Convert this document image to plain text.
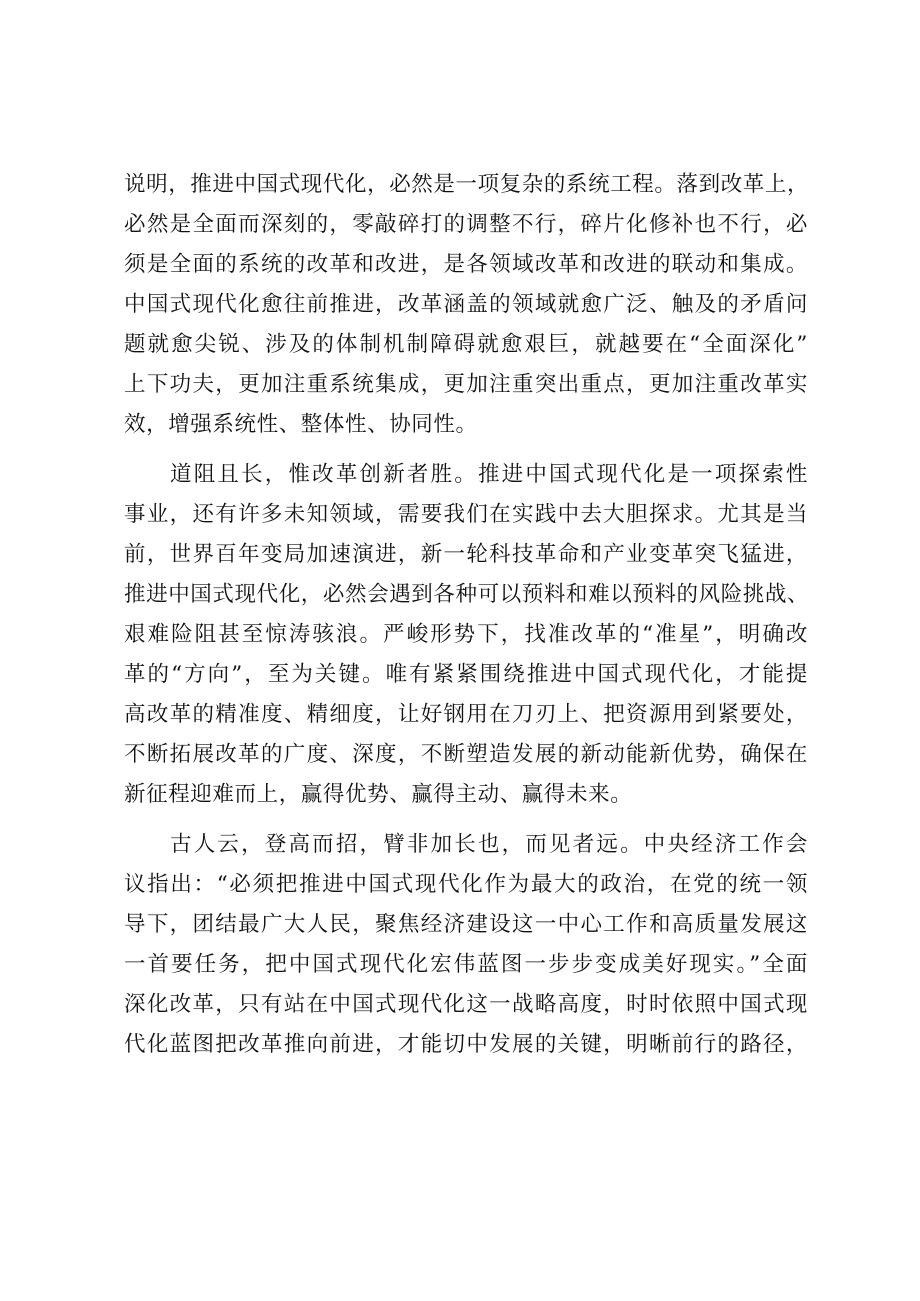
说明，推进中国式现代化，必然是一项复杂的系统工程。落到改革上，
必然是全面而深刻的，零敲碎打的调整不行，碎片化修补也不行，必
须是全面的系统的改革和改进，是各领域改革和改进的联动和集成。
中国式现代化愈往前推进，改革涵盖的领域就愈广泛、触及的矛盾问
题就愈尖锐、涉及的体制机制障碍就愈艰巨，就越要在“全面深化”
上下功夫，更加注重系统集成，更加注重突出重点，更加注重改革实
效，增强系统性、整体性、协同性。
道阻且长，惟改革创新者胜。推进中国式现代化是一项探索性
事业，还有许多未知领域，需要我们在实践中去大胆探求。尤其是当
前，世界百年变局加速演进，新一轮科技革命和产业变革突飞猛进，
推进中国式现代化，必然会遇到各种可以预料和难以预料的风险挑战、
艰难险阻甚至惊涛骇浪。严峻形势下，找准改革的“准星”，明确改
革的“方向”，至为关键。唯有紧紧围绕推进中国式现代化，才能提
高改革的精准度、精细度，让好钢用在刀刃上、把资源用到紧要处，
不断拓展改革的广度、深度，不断塑造发展的新动能新优势，确保在
新征程迎难而上，赢得优势、赢得主动、赢得未来。
古人云，登高而招，臂非加长也，而见者远。中央经济工作会
议指出：“必须把推进中国式现代化作为最大的政治，在党的统一领
导下，团结最广大人民，聚焦经济建设这一中心工作和高质量发展这
一首要任务，把中国式现代化宏伟蓝图一步步变成美好现实。”全面
深化改革，只有站在中国式现代化这一战略高度，时时依照中国式现
代化蓝图把改革推向前进，才能切中发展的关键，明晰前行的路径，
